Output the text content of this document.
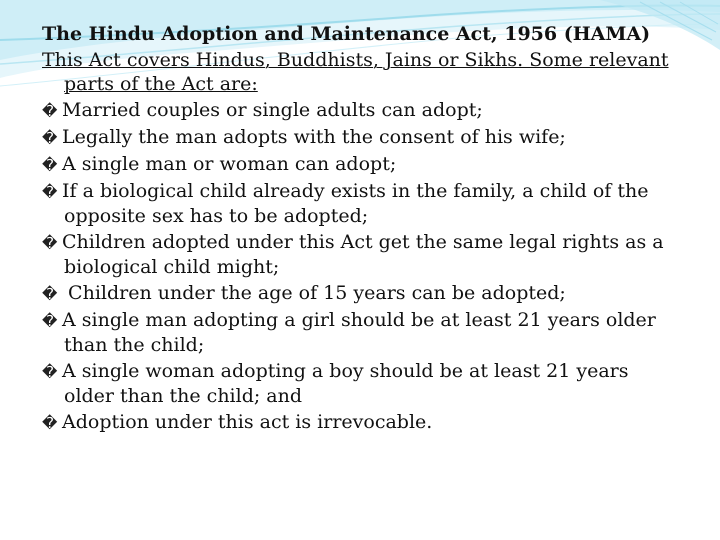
The Hindu Adoption and Maintenance Act, 1956 (HAMA)

This Act covers Hindus, Buddhists, Jains or Sikhs. Some relevant parts of the Act are:

� Married couples or single adults can adopt;

� Legally the man adopts with the consent of his wife;

� A single man or woman can adopt;

� If a biological child already exists in the family, a child of the opposite sex has to be adopted;

� Children adopted under this Act get the same legal rights as a biological child might;

� Children under the age of 15 years can be adopted;

� A single man adopting a girl should be at least 21 years older than the child;

� A single woman adopting a boy should be at least 21 years older than the child; and

� Adoption under this act is irrevocable.
